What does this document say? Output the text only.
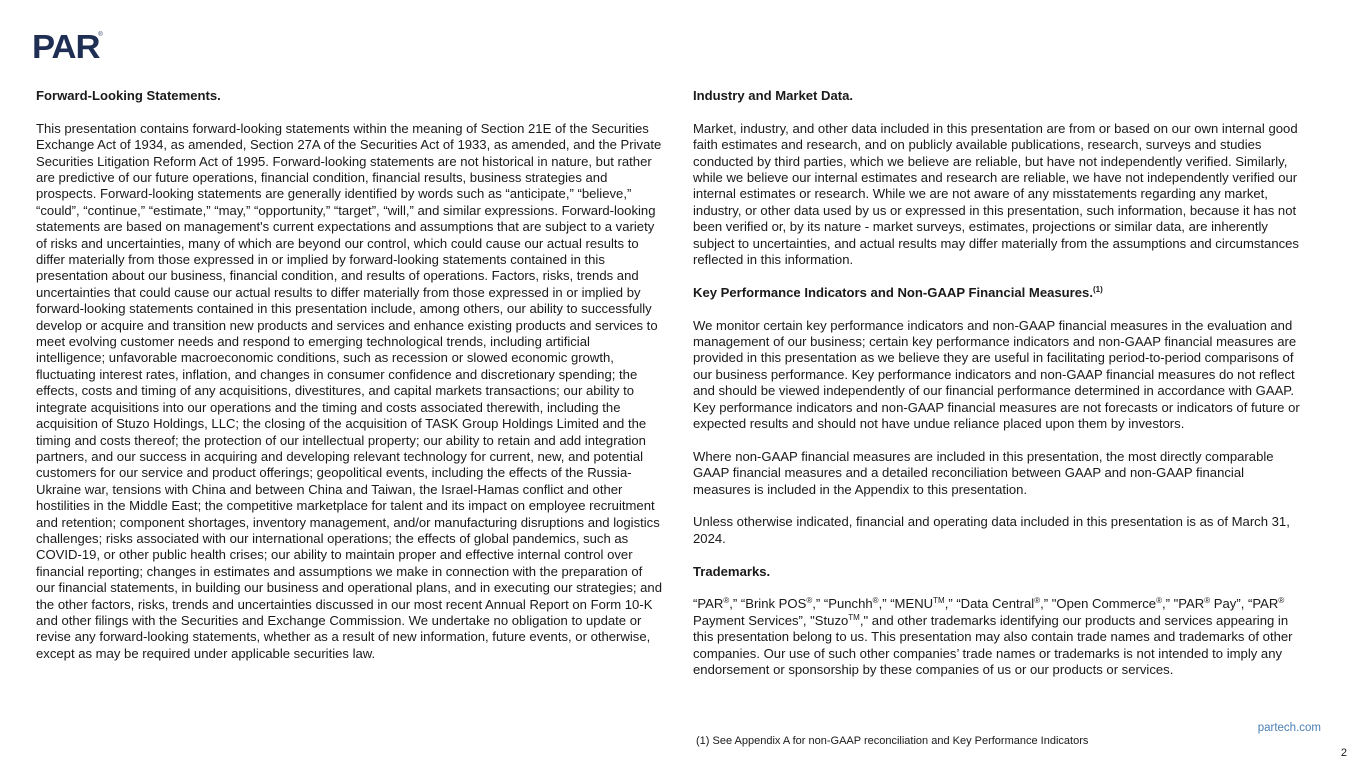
PAR
®

Forward-Looking Statements.

This presentation contains forward-looking statements within the meaning of Section 21E of the Securities Exchange Act of 1934, as amended, Section 27A of the Securities Act of 1933, as amended, and the Private Securities Litigation Reform Act of 1995. Forward-looking statements are not historical in nature, but rather are predictive of our future operations, financial condition, financial results, business strategies and prospects. Forward-looking statements are generally identified by words such as “anticipate,” “believe,” “could”, “continue,” “estimate,” “may,” “opportunity,” “target”, “will,” and similar expressions. Forward-looking statements are based on management's current expectations and assumptions that are subject to a variety of risks and uncertainties, many of which are beyond our control, which could cause our actual results to differ materially from those expressed in or implied by forward-looking statements contained in this presentation about our business, financial condition, and results of operations. Factors, risks, trends and uncertainties that could cause our actual results to differ materially from those expressed in or implied by forward-looking statements contained in this presentation include, among others, our ability to successfully develop or acquire and transition new products and services and enhance existing products and services to meet evolving customer needs and respond to emerging technological trends, including artificial intelligence; unfavorable macroeconomic conditions, such as recession or slowed economic growth, fluctuating interest rates, inflation, and changes in consumer confidence and discretionary spending; the effects, costs and timing of any acquisitions, divestitures, and capital markets transactions; our ability to integrate acquisitions into our operations and the timing and costs associated therewith, including the acquisition of Stuzo Holdings, LLC; the closing of the acquisition of TASK Group Holdings Limited and the timing and costs thereof; the protection of our intellectual property; our ability to retain and add integration partners, and our success in acquiring and developing relevant technology for current, new, and potential customers for our service and product offerings; geopolitical events, including the effects of the Russia-Ukraine war, tensions with China and between China and Taiwan, the Israel-Hamas conflict and other hostilities in the Middle East; the competitive marketplace for talent and its impact on employee recruitment and retention; component shortages, inventory management, and/or manufacturing disruptions and logistics challenges; risks associated with our international operations; the effects of global pandemics, such as COVID-19, or other public health crises; our ability to maintain proper and effective internal control over financial reporting; changes in estimates and assumptions we make in connection with the preparation of our financial statements, in building our business and operational plans, and in executing our strategies; and the other factors, risks, trends and uncertainties discussed in our most recent Annual Report on Form 10-K and other filings with the Securities and Exchange Commission. We undertake no obligation to update or revise any forward-looking statements, whether as a result of new information, future events, or otherwise, except as may be required under applicable securities law.

Industry and Market Data.

Market, industry, and other data included in this presentation are from or based on our own internal good faith estimates and research, and on publicly available publications, research, surveys and studies conducted by third parties, which we believe are reliable, but have not independently verified. Similarly, while we believe our internal estimates and research are reliable, we have not independently verified our internal estimates or research. While we are not aware of any misstatements regarding any market, industry, or other data used by us or expressed in this presentation, such information, because it has not been verified or, by its nature - market surveys, estimates, projections or similar data, are inherently subject to uncertainties, and actual results may differ materially from the assumptions and circumstances reflected in this information.

Key Performance Indicators and Non-GAAP Financial Measures.$^{(1)}$

We monitor certain key performance indicators and non-GAAP financial measures in the evaluation and management of our business; certain key performance indicators and non-GAAP financial measures are provided in this presentation as we believe they are useful in facilitating period-to-period comparisons of our business performance. Key performance indicators and non-GAAP financial measures do not reflect and should be viewed independently of our financial performance determined in accordance with GAAP. Key performance indicators and non-GAAP financial measures are not forecasts or indicators of future or expected results and should not have undue reliance placed upon them by investors.

Where non-GAAP financial measures are included in this presentation, the most directly comparable GAAP financial measures and a detailed reconciliation between GAAP and non-GAAP financial measures is included in the Appendix to this presentation.

Unless otherwise indicated, financial and operating data included in this presentation is as of March 31, 2024.

Trademarks.

“PAR®,” “Brink POS®,” “Punchh®,” “MENU™,” “Data Central®,” "Open Commerce®,” "PAR® Pay”, “PAR® Payment Services”, "Stuzo™," and other trademarks identifying our products and services appearing in this presentation belong to us. This presentation may also contain trade names and trademarks of other companies. Our use of such other companies’ trade names or trademarks is not intended to imply any endorsement or sponsorship by these companies of us or our products or services.

partech.com
(1) See Appendix A for non-GAAP reconciliation and Key Performance Indicators
2
